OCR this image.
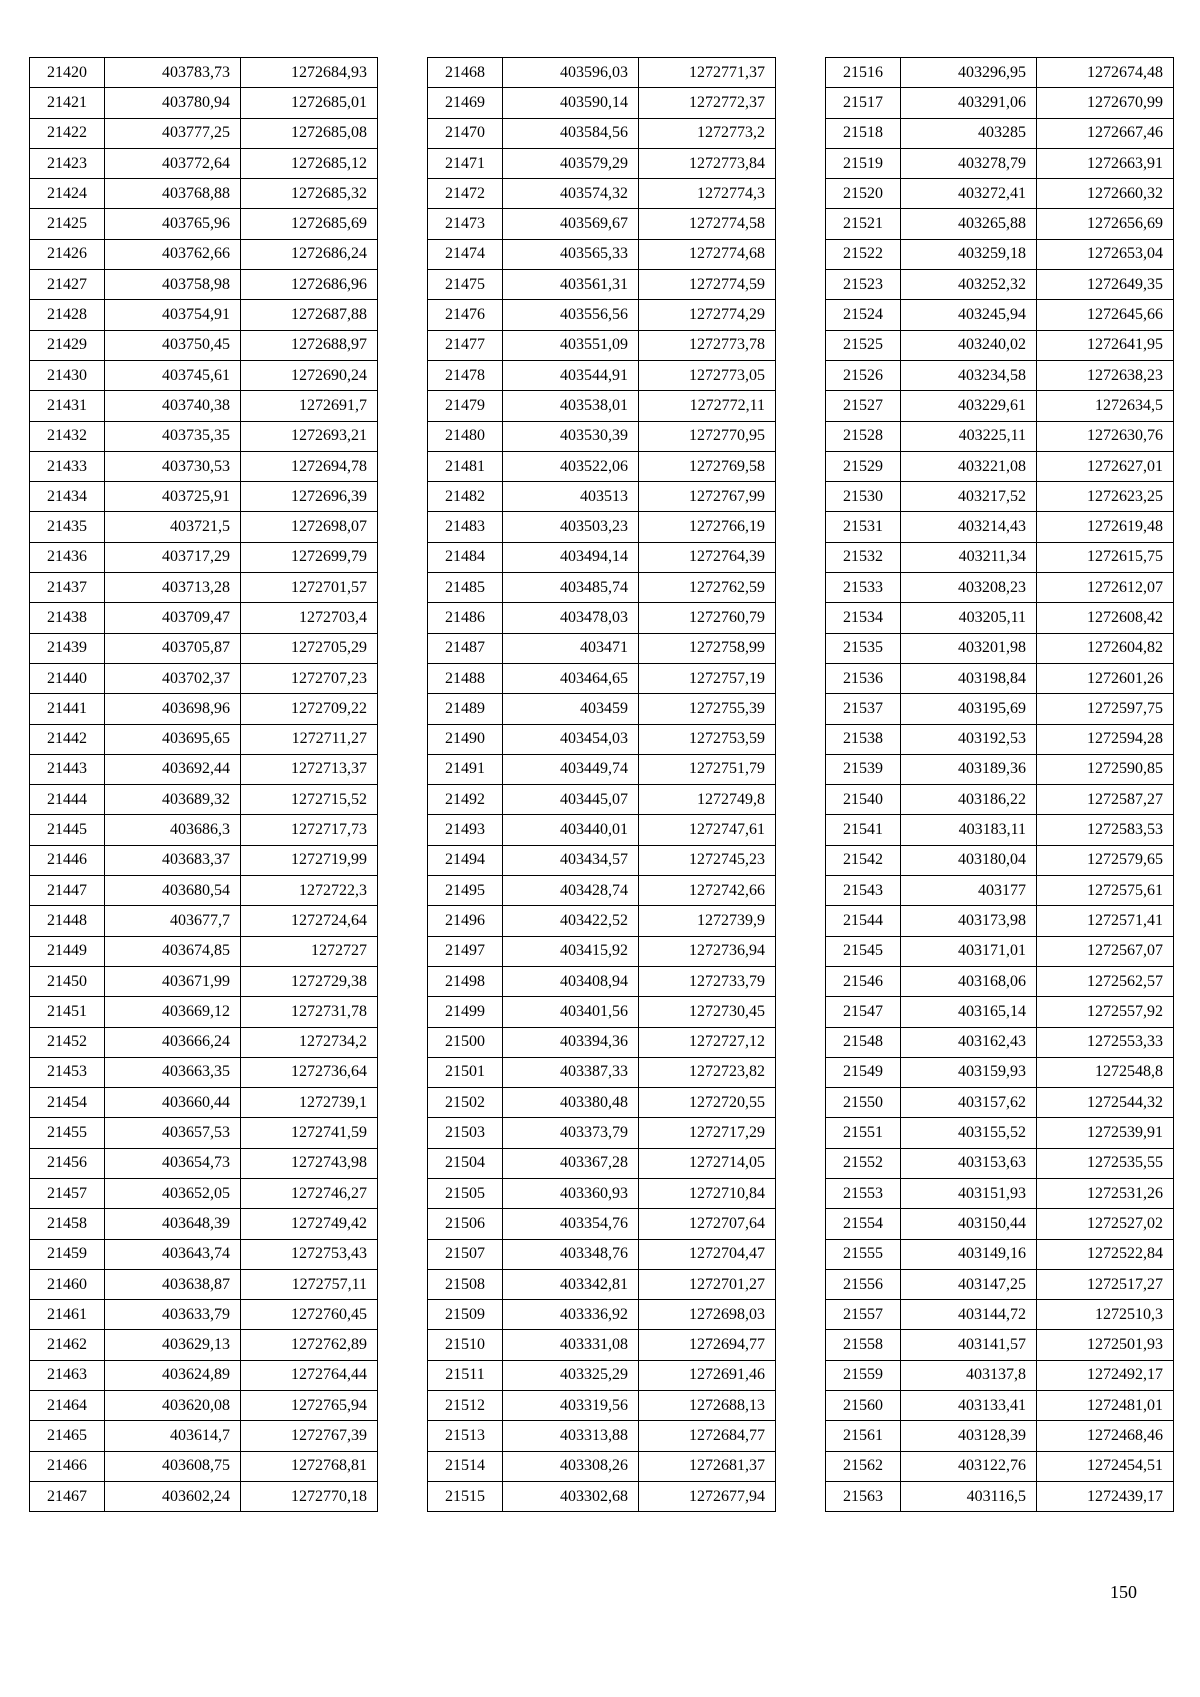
21420	403783,73	1272684,93
21421	403780,94	1272685,01
21422	403777,25	1272685,08
21423	403772,64	1272685,12
21424	403768,88	1272685,32
21425	403765,96	1272685,69
21426	403762,66	1272686,24
21427	403758,98	1272686,96
21428	403754,91	1272687,88
21429	403750,45	1272688,97
21430	403745,61	1272690,24
21431	403740,38	1272691,7
21432	403735,35	1272693,21
21433	403730,53	1272694,78
21434	403725,91	1272696,39
21435	403721,5	1272698,07
21436	403717,29	1272699,79
21437	403713,28	1272701,57
21438	403709,47	1272703,4
21439	403705,87	1272705,29
21440	403702,37	1272707,23
21441	403698,96	1272709,22
21442	403695,65	1272711,27
21443	403692,44	1272713,37
21444	403689,32	1272715,52
21445	403686,3	1272717,73
21446	403683,37	1272719,99
21447	403680,54	1272722,3
21448	403677,7	1272724,64
21449	403674,85	1272727
21450	403671,99	1272729,38
21451	403669,12	1272731,78
21452	403666,24	1272734,2
21453	403663,35	1272736,64
21454	403660,44	1272739,1
21455	403657,53	1272741,59
21456	403654,73	1272743,98
21457	403652,05	1272746,27
21458	403648,39	1272749,42
21459	403643,74	1272753,43
21460	403638,87	1272757,11
21461	403633,79	1272760,45
21462	403629,13	1272762,89
21463	403624,89	1272764,44
21464	403620,08	1272765,94
21465	403614,7	1272767,39
21466	403608,75	1272768,81
21467	403602,24	1272770,18
21468	403596,03	1272771,37
21469	403590,14	1272772,37
21470	403584,56	1272773,2
21471	403579,29	1272773,84
21472	403574,32	1272774,3
21473	403569,67	1272774,58
21474	403565,33	1272774,68
21475	403561,31	1272774,59
21476	403556,56	1272774,29
21477	403551,09	1272773,78
21478	403544,91	1272773,05
21479	403538,01	1272772,11
21480	403530,39	1272770,95
21481	403522,06	1272769,58
21482	403513	1272767,99
21483	403503,23	1272766,19
21484	403494,14	1272764,39
21485	403485,74	1272762,59
21486	403478,03	1272760,79
21487	403471	1272758,99
21488	403464,65	1272757,19
21489	403459	1272755,39
21490	403454,03	1272753,59
21491	403449,74	1272751,79
21492	403445,07	1272749,8
21493	403440,01	1272747,61
21494	403434,57	1272745,23
21495	403428,74	1272742,66
21496	403422,52	1272739,9
21497	403415,92	1272736,94
21498	403408,94	1272733,79
21499	403401,56	1272730,45
21500	403394,36	1272727,12
21501	403387,33	1272723,82
21502	403380,48	1272720,55
21503	403373,79	1272717,29
21504	403367,28	1272714,05
21505	403360,93	1272710,84
21506	403354,76	1272707,64
21507	403348,76	1272704,47
21508	403342,81	1272701,27
21509	403336,92	1272698,03
21510	403331,08	1272694,77
21511	403325,29	1272691,46
21512	403319,56	1272688,13
21513	403313,88	1272684,77
21514	403308,26	1272681,37
21515	403302,68	1272677,94
21516	403296,95	1272674,48
21517	403291,06	1272670,99
21518	403285	1272667,46
21519	403278,79	1272663,91
21520	403272,41	1272660,32
21521	403265,88	1272656,69
21522	403259,18	1272653,04
21523	403252,32	1272649,35
21524	403245,94	1272645,66
21525	403240,02	1272641,95
21526	403234,58	1272638,23
21527	403229,61	1272634,5
21528	403225,11	1272630,76
21529	403221,08	1272627,01
21530	403217,52	1272623,25
21531	403214,43	1272619,48
21532	403211,34	1272615,75
21533	403208,23	1272612,07
21534	403205,11	1272608,42
21535	403201,98	1272604,82
21536	403198,84	1272601,26
21537	403195,69	1272597,75
21538	403192,53	1272594,28
21539	403189,36	1272590,85
21540	403186,22	1272587,27
21541	403183,11	1272583,53
21542	403180,04	1272579,65
21543	403177	1272575,61
21544	403173,98	1272571,41
21545	403171,01	1272567,07
21546	403168,06	1272562,57
21547	403165,14	1272557,92
21548	403162,43	1272553,33
21549	403159,93	1272548,8
21550	403157,62	1272544,32
21551	403155,52	1272539,91
21552	403153,63	1272535,55
21553	403151,93	1272531,26
21554	403150,44	1272527,02
21555	403149,16	1272522,84
21556	403147,25	1272517,27
21557	403144,72	1272510,3
21558	403141,57	1272501,93
21559	403137,8	1272492,17
21560	403133,41	1272481,01
21561	403128,39	1272468,46
21562	403122,76	1272454,51
21563	403116,5	1272439,17
150
